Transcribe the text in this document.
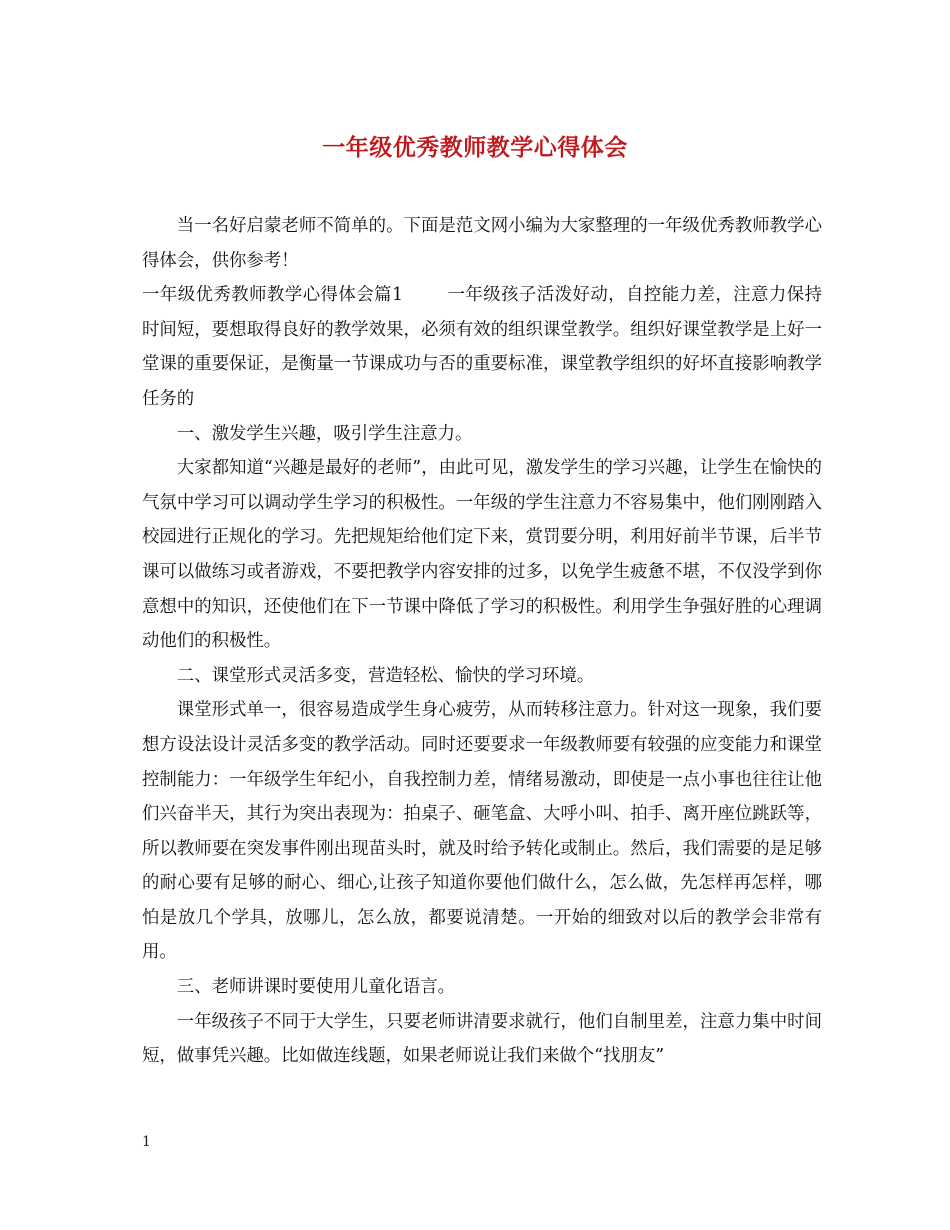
一年级优秀教师教学心得体会

当一名好启蒙老师不简单的。下面是范文网小编为大家整理的一年级优秀教师教学心得体会，供你参考！

一年级优秀教师教学心得体会篇1	一年级孩子活泼好动，自控能力差，注意力保持时间短，要想取得良好的教学效果，必须有效的组织课堂教学。组织好课堂教学是上好一堂课的重要保证，是衡量一节课成功与否的重要标准，课堂教学组织的好坏直接影响教学任务的

一、激发学生兴趣，吸引学生注意力。

大家都知道“兴趣是最好的老师”，由此可见，激发学生的学习兴趣，让学生在愉快的气氛中学习可以调动学生学习的积极性。一年级的学生注意力不容易集中，他们刚刚踏入校园进行正规化的学习。先把规矩给他们定下来，赏罚要分明，利用好前半节课，后半节课可以做练习或者游戏，不要把教学内容安排的过多，以免学生疲惫不堪，不仅没学到你意想中的知识，还使他们在下一节课中降低了学习的积极性。利用学生争强好胜的心理调动他们的积极性。

二、课堂形式灵活多变，营造轻松、愉快的学习环境。

课堂形式单一，很容易造成学生身心疲劳，从而转移注意力。针对这一现象，我们要想方设法设计灵活多变的教学活动。同时还要要求一年级教师要有较强的应变能力和课堂控制能力：一年级学生年纪小，自我控制力差，情绪易激动，即使是一点小事也往往让他们兴奋半天，其行为突出表现为：拍桌子、砸笔盒、大呼小叫、拍手、离开座位跳跃等，所以教师要在突发事件刚出现苗头时，就及时给予转化或制止。然后，我们需要的是足够的耐心要有足够的耐心、细心,让孩子知道你要他们做什么，怎么做，先怎样再怎样，哪怕是放几个学具，放哪儿，怎么放，都要说清楚。一开始的细致对以后的教学会非常有用。

三、老师讲课时要使用儿童化语言。

一年级孩子不同于大学生，只要老师讲清要求就行，他们自制里差，注意力集中时间短，做事凭兴趣。比如做连线题，如果老师说让我们来做个“找朋友”

1
